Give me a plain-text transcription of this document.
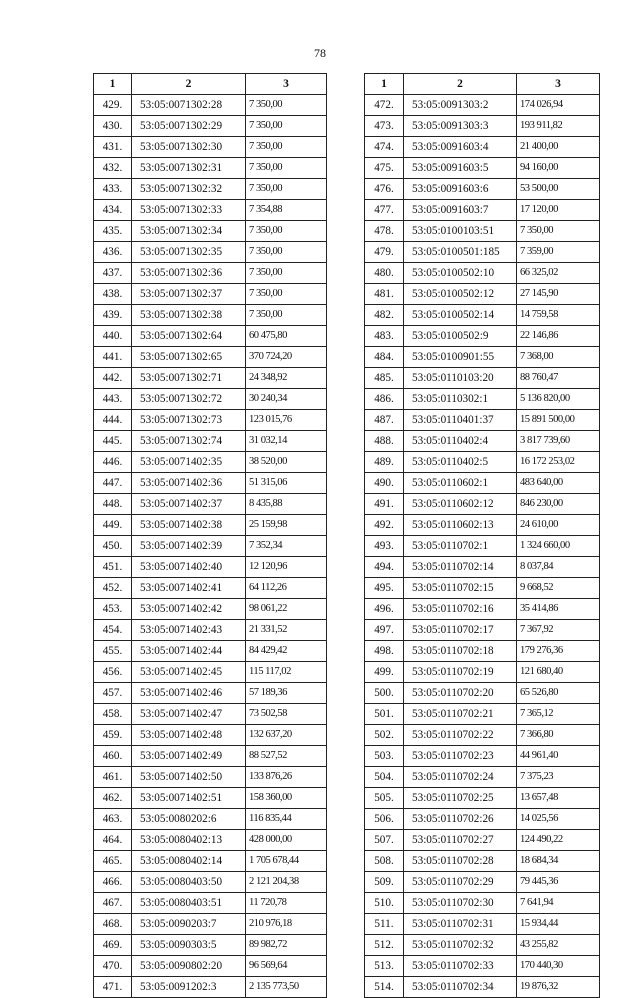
78
1	2	3
429.	53:05:0071302:28	7 350,00
430.	53:05:0071302:29	7 350,00
431.	53:05:0071302:30	7 350,00
432.	53:05:0071302:31	7 350,00
433.	53:05:0071302:32	7 350,00
434.	53:05:0071302:33	7 354,88
435.	53:05:0071302:34	7 350,00
436.	53:05:0071302:35	7 350,00
437.	53:05:0071302:36	7 350,00
438.	53:05:0071302:37	7 350,00
439.	53:05:0071302:38	7 350,00
440.	53:05:0071302:64	60 475,80
441.	53:05:0071302:65	370 724,20
442.	53:05:0071302:71	24 348,92
443.	53:05:0071302:72	30 240,34
444.	53:05:0071302:73	123 015,76
445.	53:05:0071302:74	31 032,14
446.	53:05:0071402:35	38 520,00
447.	53:05:0071402:36	51 315,06
448.	53:05:0071402:37	8 435,88
449.	53:05:0071402:38	25 159,98
450.	53:05:0071402:39	7 352,34
451.	53:05:0071402:40	12 120,96
452.	53:05:0071402:41	64 112,26
453.	53:05:0071402:42	98 061,22
454.	53:05:0071402:43	21 331,52
455.	53:05:0071402:44	84 429,42
456.	53:05:0071402:45	115 117,02
457.	53:05:0071402:46	57 189,36
458.	53:05:0071402:47	73 502,58
459.	53:05:0071402:48	132 637,20
460.	53:05:0071402:49	88 527,52
461.	53:05:0071402:50	133 876,26
462.	53:05:0071402:51	158 360,00
463.	53:05:0080202:6	116 835,44
464.	53:05:0080402:13	428 000,00
465.	53:05:0080402:14	1 705 678,44
466.	53:05:0080403:50	2 121 204,38
467.	53:05:0080403:51	11 720,78
468.	53:05:0090203:7	210 976,18
469.	53:05:0090303:5	89 982,72
470.	53:05:0090802:20	96 569,64
471.	53:05:0091202:3	2 135 773,50
1	2	3
472.	53:05:0091303:2	174 026,94
473.	53:05:0091303:3	193 911,82
474.	53:05:0091603:4	21 400,00
475.	53:05:0091603:5	94 160,00
476.	53:05:0091603:6	53 500,00
477.	53:05:0091603:7	17 120,00
478.	53:05:0100103:51	7 350,00
479.	53:05:0100501:185	7 359,00
480.	53:05:0100502:10	66 325,02
481.	53:05:0100502:12	27 145,90
482.	53:05:0100502:14	14 759,58
483.	53:05:0100502:9	22 146,86
484.	53:05:0100901:55	7 368,00
485.	53:05:0110103:20	88 760,47
486.	53:05:0110302:1	5 136 820,00
487.	53:05:0110401:37	15 891 500,00
488.	53:05:0110402:4	3 817 739,60
489.	53:05:0110402:5	16 172 253,02
490.	53:05:0110602:1	483 640,00
491.	53:05:0110602:12	846 230,00
492.	53:05:0110602:13	24 610,00
493.	53:05:0110702:1	1 324 660,00
494.	53:05:0110702:14	8 037,84
495.	53:05:0110702:15	9 668,52
496.	53:05:0110702:16	35 414,86
497.	53:05:0110702:17	7 367,92
498.	53:05:0110702:18	179 276,36
499.	53:05:0110702:19	121 680,40
500.	53:05:0110702:20	65 526,80
501.	53:05:0110702:21	7 365,12
502.	53:05:0110702:22	7 366,80
503.	53:05:0110702:23	44 961,40
504.	53:05:0110702:24	7 375,23
505.	53:05:0110702:25	13 657,48
506.	53:05:0110702:26	14 025,56
507.	53:05:0110702:27	124 490,22
508.	53:05:0110702:28	18 684,34
509.	53:05:0110702:29	79 445,36
510.	53:05:0110702:30	7 641,94
511.	53:05:0110702:31	15 934,44
512.	53:05:0110702:32	43 255,82
513.	53:05:0110702:33	170 440,30
514.	53:05:0110702:34	19 876,32
